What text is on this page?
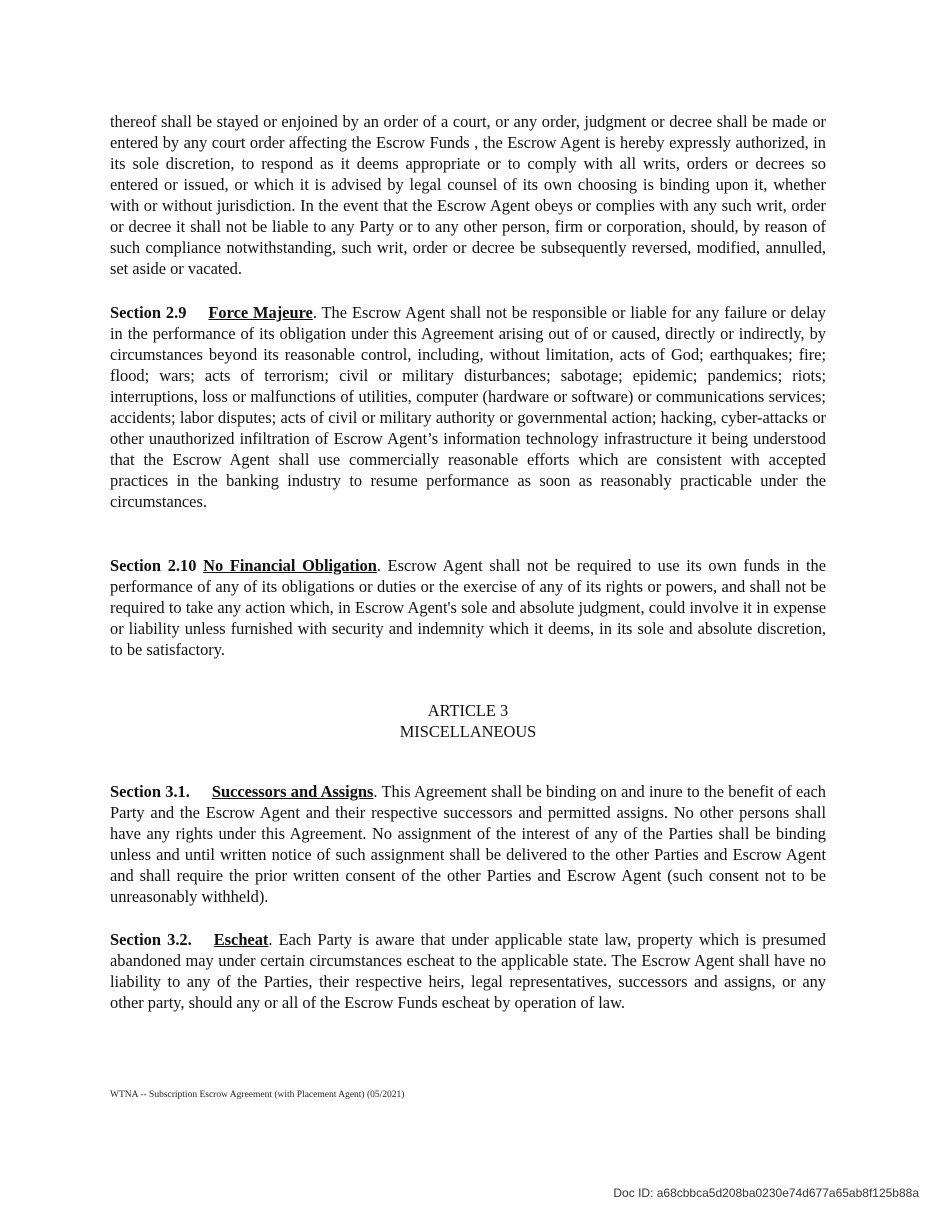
thereof shall be stayed or enjoined by an order of a court, or any order, judgment or decree shall be made or entered by any court order affecting the Escrow Funds , the Escrow Agent is hereby expressly authorized, in its sole discretion, to respond as it deems appropriate or to comply with all writs, orders or decrees so entered or issued, or which it is advised by legal counsel of its own choosing is binding upon it, whether with or without jurisdiction. In the event that the Escrow Agent obeys or complies with any such writ, order or decree it shall not be liable to any Party or to any other person, firm or corporation, should, by reason of such compliance notwithstanding, such writ, order or decree be subsequently reversed, modified, annulled, set aside or vacated.

Section 2.9 Force Majeure. The Escrow Agent shall not be responsible or liable for any failure or delay in the performance of its obligation under this Agreement arising out of or caused, directly or indirectly, by circumstances beyond its reasonable control, including, without limitation, acts of God; earthquakes; fire; flood; wars; acts of terrorism; civil or military disturbances; sabotage; epidemic; pandemics; riots; interruptions, loss or malfunctions of utilities, computer (hardware or software) or communications services; accidents; labor disputes; acts of civil or military authority or governmental action; hacking, cyber-attacks or other unauthorized infiltration of Escrow Agent’s information technology infrastructure it being understood that the Escrow Agent shall use commercially reasonable efforts which are consistent with accepted practices in the banking industry to resume performance as soon as reasonably practicable under the circumstances.

Section 2.10 No Financial Obligation. Escrow Agent shall not be required to use its own funds in the performance of any of its obligations or duties or the exercise of any of its rights or powers, and shall not be required to take any action which, in Escrow Agent's sole and absolute judgment, could involve it in expense or liability unless furnished with security and indemnity which it deems, in its sole and absolute discretion, to be satisfactory.

ARTICLE 3

MISCELLANEOUS

Section 3.1. Successors and Assigns. This Agreement shall be binding on and inure to the benefit of each Party and the Escrow Agent and their respective successors and permitted assigns. No other persons shall have any rights under this Agreement. No assignment of the interest of any of the Parties shall be binding unless and until written notice of such assignment shall be delivered to the other Parties and Escrow Agent and shall require the prior written consent of the other Parties and Escrow Agent (such consent not to be unreasonably withheld).

Section 3.2. Escheat. Each Party is aware that under applicable state law, property which is presumed abandoned may under certain circumstances escheat to the applicable state. The Escrow Agent shall have no liability to any of the Parties, their respective heirs, legal representatives, successors and assigns, or any other party, should any or all of the Escrow Funds escheat by operation of law.

WTNA -- Subscription Escrow Agreement (with Placement Agent) (05/2021)

Doc ID: a68cbbca5d208ba0230e74d677a65ab8f125b88a
